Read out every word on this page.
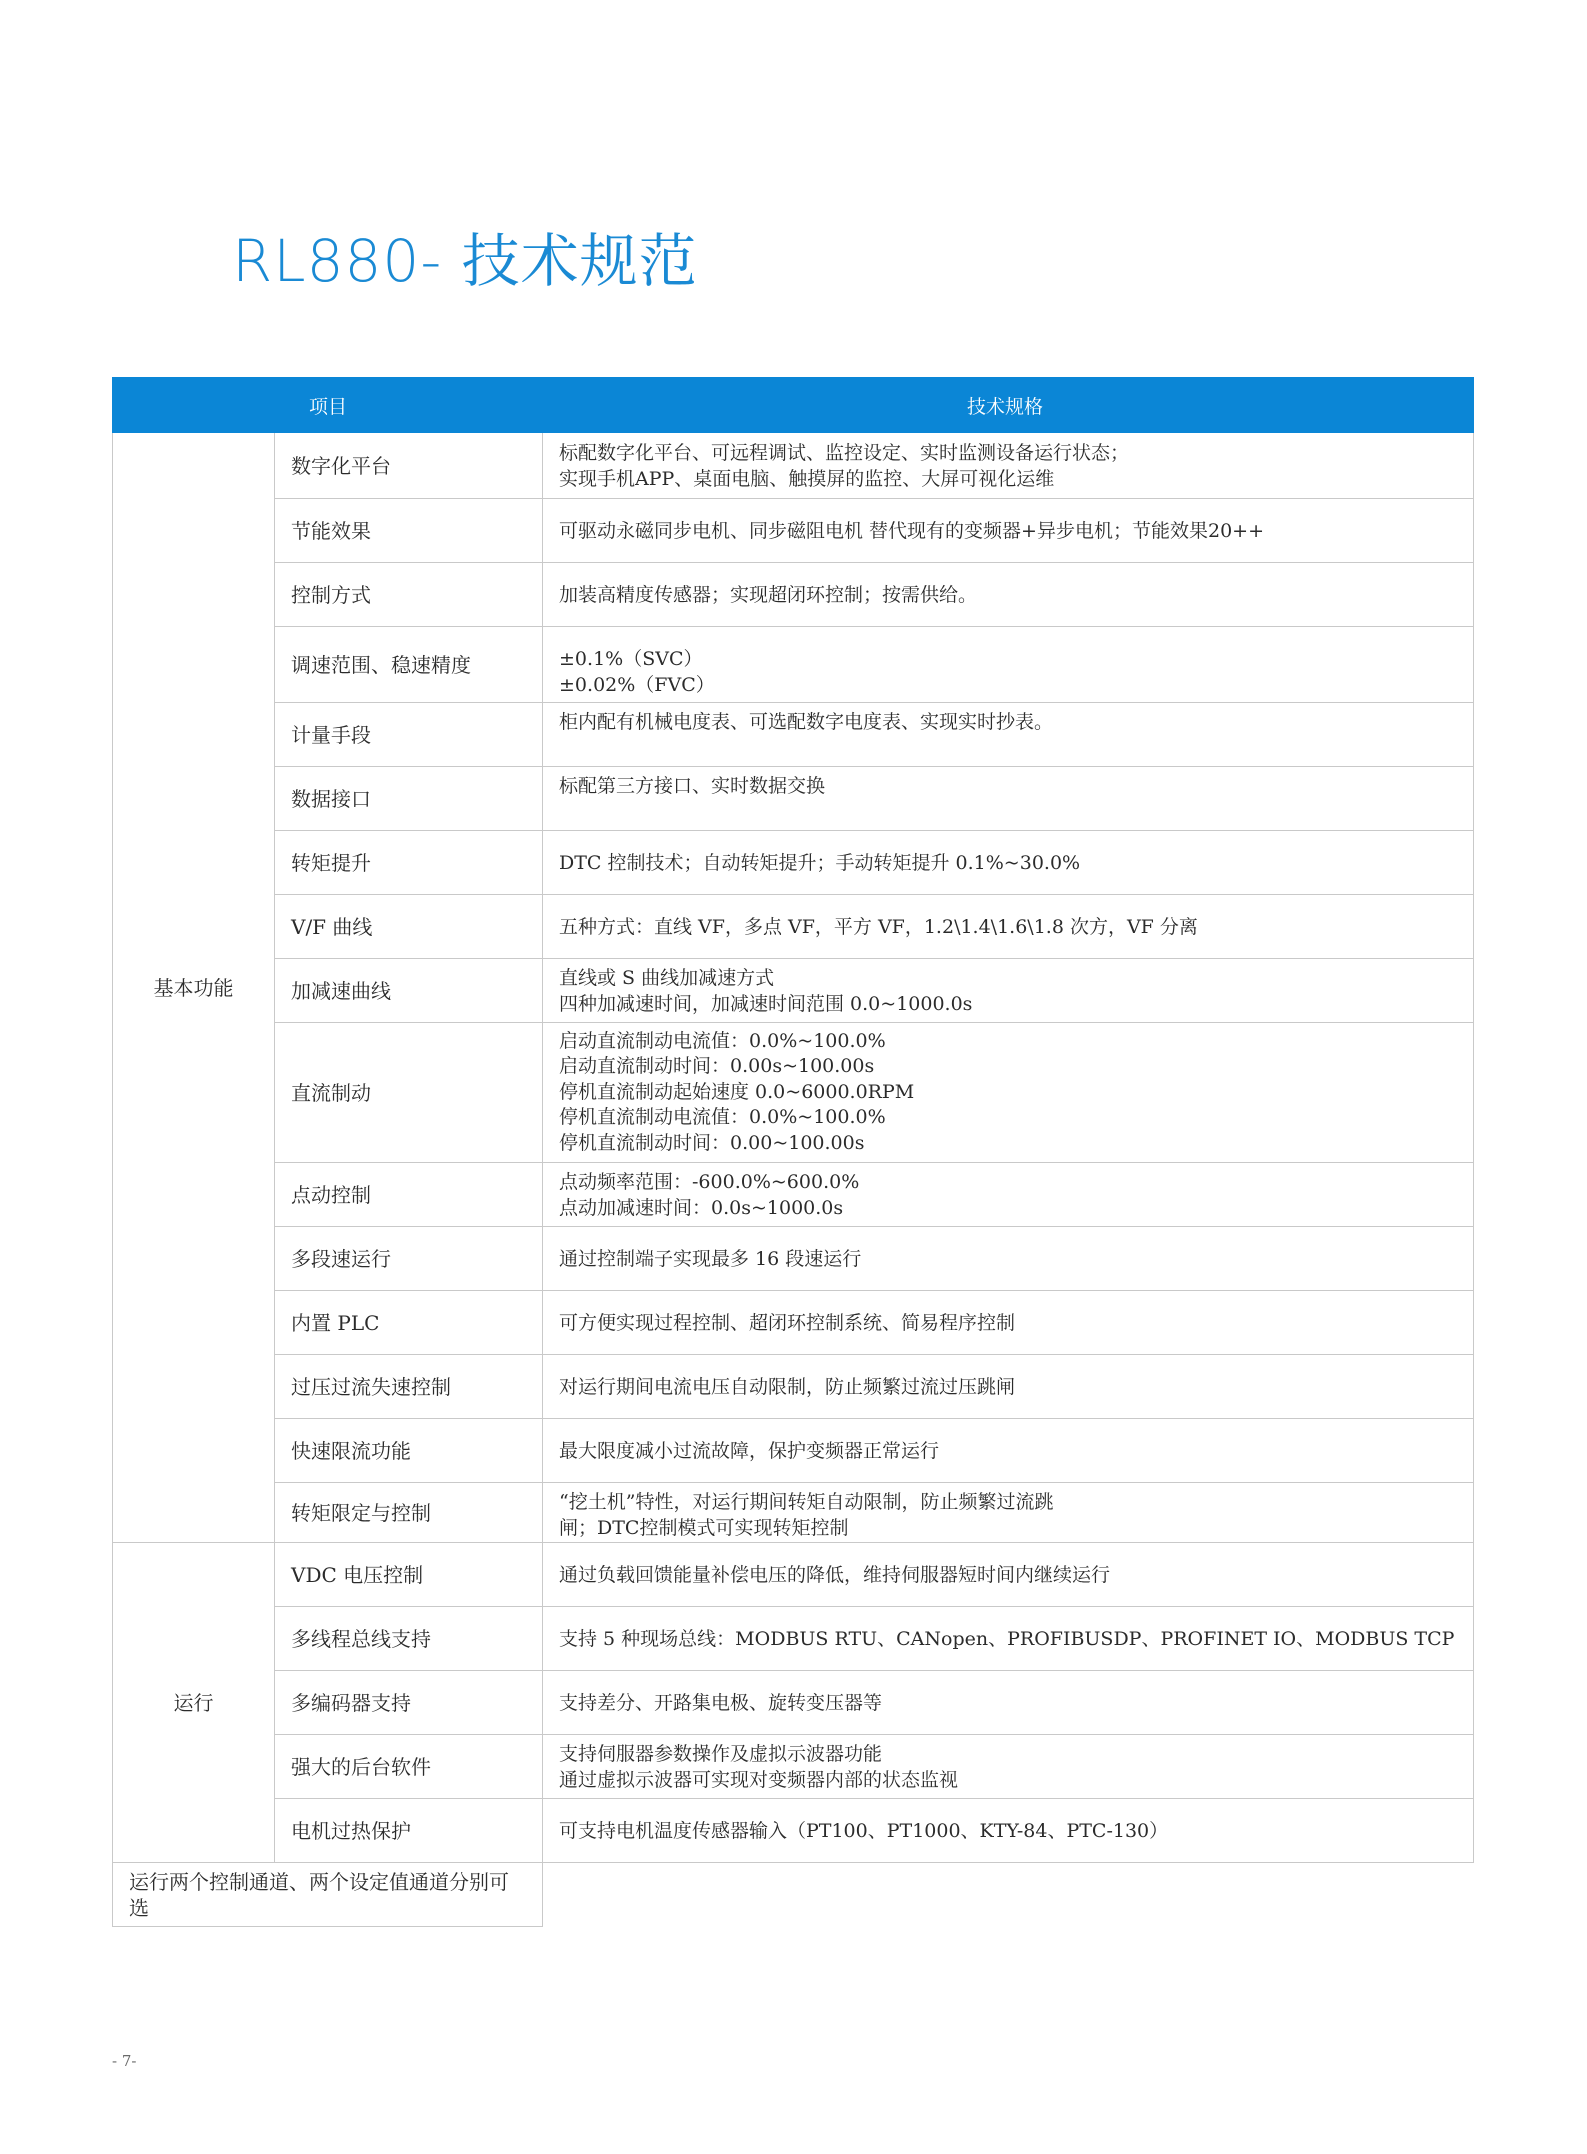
RL880- 技术规范
项目		技术规格
基本功能	数字化平台	标配数字化平台、可远程调试、监控设定、实时监测设备运行状态；
实现手机APP、桌面电脑、触摸屏的监控、大屏可视化运维

	节能效果	可驱动永磁同步电机、同步磁阻电机 替代现有的变频器+异步电机；节能效果20++

	控制方式	加装高精度传感器；实现超闭环控制；按需供给。

	调速范围、稳速精度	±0.1%（SVC）
±0.02%（FVC）

	计量手段	柜内配有机械电度表、可选配数字电度表、实现实时抄表。

	数据接口	标配第三方接口、实时数据交换

	转矩提升	DTC 控制技术；自动转矩提升；手动转矩提升 0.1%~30.0%

	V/F 曲线	五种方式：直线 VF，多点 VF，平方 VF，1.2\1.4\1.6\1.8 次方，VF 分离

	加减速曲线	直线或 S 曲线加减速方式
四种加减速时间，加减速时间范围 0.0~1000.0s

	直流制动	启动直流制动电流值：0.0%~100.0%
启动直流制动时间：0.00s~100.00s
停机直流制动起始速度 0.0~6000.0RPM
停机直流制动电流值：0.0%~100.0%
停机直流制动时间：0.00~100.00s

	点动控制	点动频率范围：-600.0%~600.0%
点动加减速时间：0.0s~1000.0s

	多段速运行	通过控制端子实现最多 16 段速运行

	内置 PLC	可方便实现过程控制、超闭环控制系统、简易程序控制

	过压过流失速控制	对运行期间电流电压自动限制，防止频繁过流过压跳闸

	快速限流功能	最大限度减小过流故障，保护变频器正常运行

	转矩限定与控制	“挖土机”特性，对运行期间转矩自动限制，防止频繁过流跳
闸；DTC控制模式可实现转矩控制

运行	VDC 电压控制	通过负载回馈能量补偿电压的降低，维持伺服器短时间内继续运行

	多线程总线支持	支持 5 种现场总线：MODBUS RTU、CANopen、PROFIBUSDP、PROFINET IO、MODBUS TCP

	多编码器支持	支持差分、开路集电极、旋转变压器等

	强大的后台软件	支持伺服器参数操作及虚拟示波器功能
通过虚拟示波器可实现对变频器内部的状态监视

	电机过热保护	可支持电机温度传感器输入（PT100、PT1000、KTY-84、PTC-130）

运行两个控制通道、两个设定值通道分别可选		
- 7-
